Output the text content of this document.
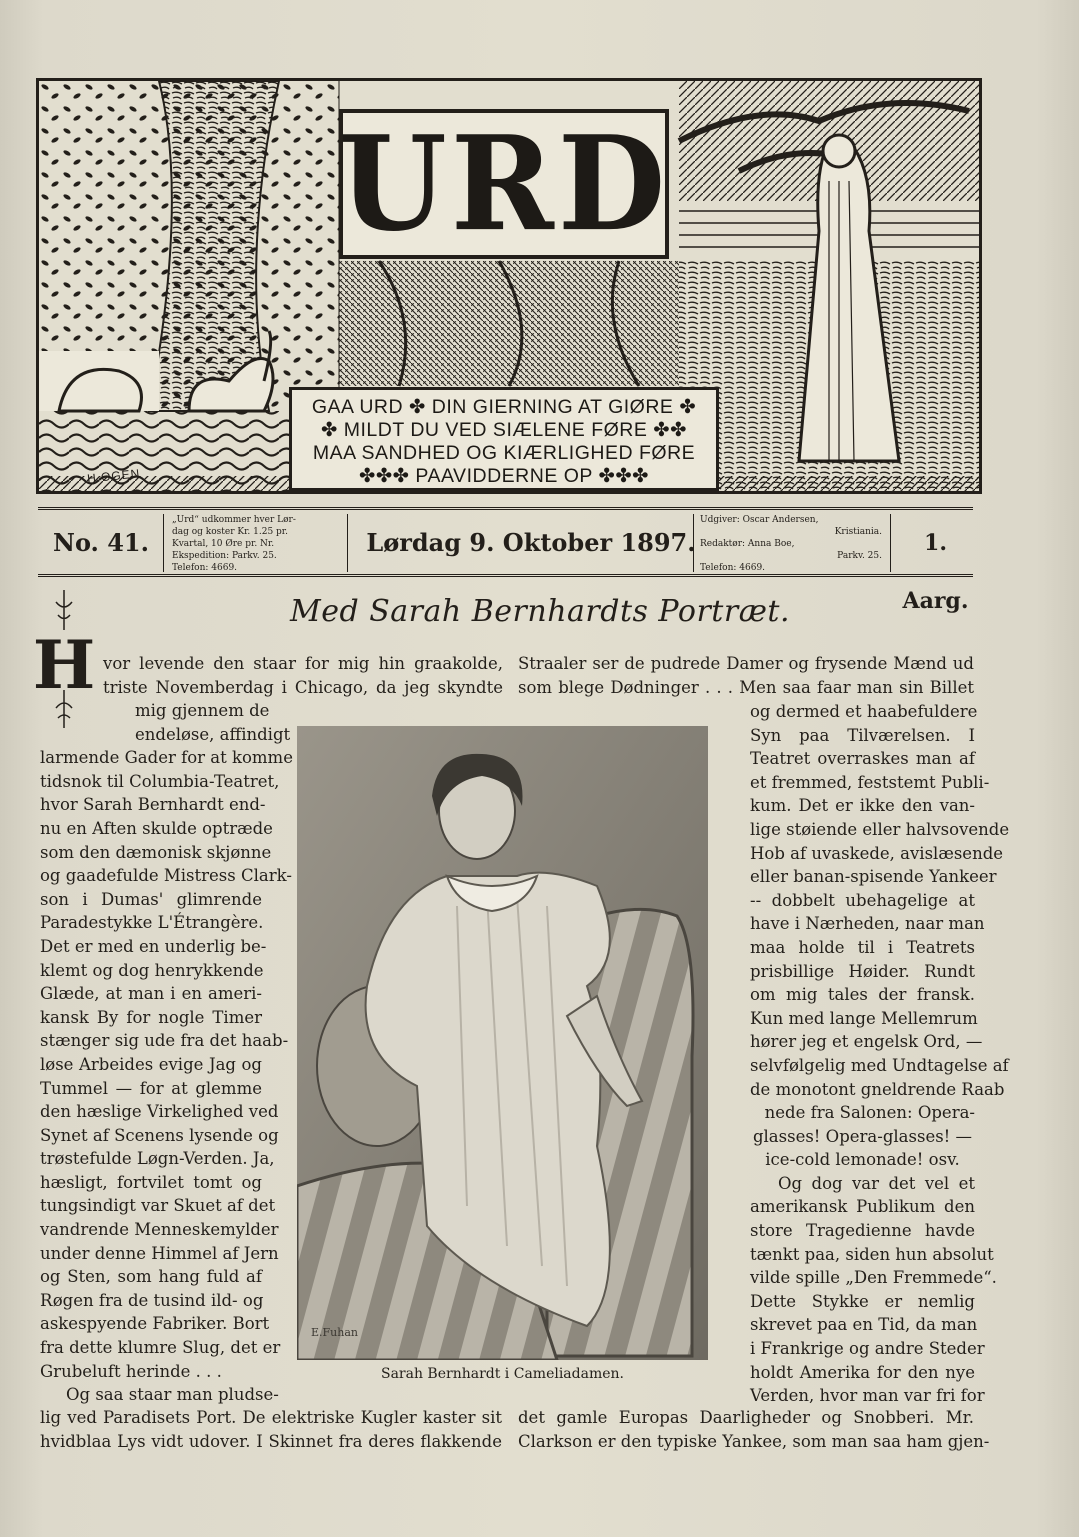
URD
GAA URD ✤ DIN GIERNING AT GIØRE ✤
✤ MILDT DU VED SIÆLENE FØRE ✤✤
MAA SANDHED OG KIÆRLIGHED FØRE
✤✤✤ PAAVIDDERNE OP ✤✤✤
H.OGEN
No. 41.
„Urd“ udkommer hver Lør-
dag og koster Kr. 1.25 pr.
Kvartal, 10 Øre pr. Nr.
Ekspedition: Parkv. 25.
Telefon: 4669.
Lørdag 9. Oktober 1897.
Udgiver: Oscar Andersen,
Kristiania.
Redaktør: Anna Boe,
Parkv. 25.
Telefon: 4669.
1. Aarg.
Med Sarah Bernhardts Portræt.
H vor levende den staar for mig hin graakolde,
triste Novemberdag i Chicago, da jeg skyndte
Straaler ser de pudrede Damer og frysende Mænd ud
som blege Dødninger . . . Men saa faar man sin Billet
mig gjennem de
endeløse, affindigt
larmende Gader for at komme
tidsnok til Columbia-Teatret,
hvor Sarah Bernhardt end-
nu en Aften skulde optræde
som den dæmonisk skjønne
og gaadefulde Mistress Clark-
son i Dumas' glimrende
Paradestykke L'Étrangère.
Det er med en underlig be-
klemt og dog henrykkende
Glæde, at man i en ameri-
kansk By for nogle Timer
stænger sig ude fra det haab-
løse Arbeides evige Jag og
Tummel — for at glemme
den hæslige Virkelighed ved
Synet af Scenens lysende og
trøstefulde Løgn-Verden. Ja,
hæsligt, fortvilet tomt og
tungsindigt var Skuet af det
vandrende Menneskemylder
under denne Himmel af Jern
og Sten, som hang fuld af
Røgen fra de tusind ild- og
askespyende Fabriker. Bort
fra dette klumre Slug, det er
Grubeluft herinde . . .
Og saa staar man pludse-
og dermed et haabefuldere
Syn paa Tilværelsen. I
Teatret overraskes man af
et fremmed, feststemt Publi-
kum. Det er ikke den van-
lige støiende eller halvsovende
Hob af uvaskede, avislæsende
eller banan-spisende Yankeer
-- dobbelt ubehagelige at
have i Nærheden, naar man
maa holde til i Teatrets
prisbillige Høider. Rundt
om mig tales der fransk.
Kun med lange Mellemrum
hører jeg et engelsk Ord, —
selvfølgelig med Undtagelse af
de monotont gneldrende Raab
nede fra Salonen: Opera-
glasses! Opera-glasses! —
ice-cold lemonade! osv.
Og dog var det vel et
amerikansk Publikum den
store Tragedienne havde
tænkt paa, siden hun absolut
vilde spille „Den Fremmede“.
Dette Stykke er nemlig
skrevet paa en Tid, da man
i Frankrige og andre Steder
holdt Amerika for den nye
Verden, hvor man var fri for
E.Fuhan
Sarah Bernhardt i Cameliadamen.
lig ved Paradisets Port. De elektriske Kugler kaster sit
hvidblaa Lys vidt udover. I Skinnet fra deres flakkende
det gamle Europas Daarligheder og Snobberi. Mr.
Clarkson er den typiske Yankee, som man saa ham gjen-
